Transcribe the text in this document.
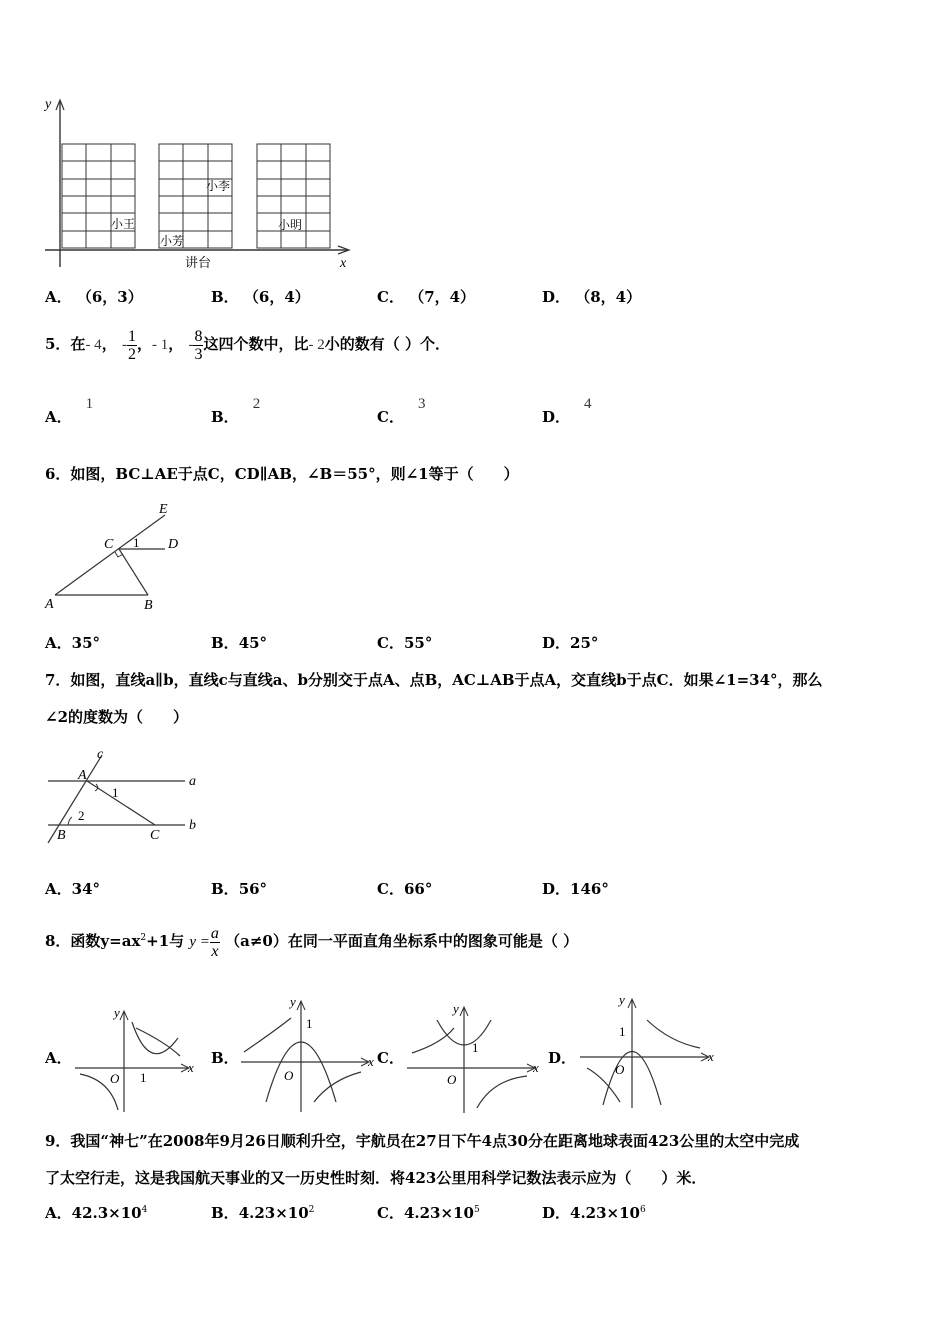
y
x
小李
小王
小芳
小明
讲台
A． （6，3）	B． （6，4）	C． （7，4）	D． （8，4）
5．在- 4， - $\frac{1}{2}$ ，- 1， - $\frac{8}{3}$ 这四个数中，比- 2小的数有（ ）个．
A．$^1$
B．$^2$
C．$^3$
D．$^4$
6．如图，BC⊥AE于点C，CD∥AB，∠B＝55°，则∠1等于（　　）
E
C 1 D
A	B
A．35°	B．45°	C．55°	D．25°
7．如图，直线a∥b，直线c与直线a、b分别交于点A、点B，AC⊥AB于点A，交直线b于点C．如果∠1=34°，那么
∠2的度数为（　　）
c
A	a
1
2
B	C
b
A．34°	B．56°	C．66°	D．146°
8．函数$y=ax^2+1$与 $y = \frac{a}{x} (a\ne 0)$在同一平面直角坐标系中的图象可能是（ ）
A．
y
x
O 1
B．
y
x
O
1
C．
y
x
O
1
D．
y
x
O
1
9．我国“神七”在2008年9月26日顺利升空，宇航员在27日下午4点30分在距离地球表面423公里的太空中完成
了太空行走，这是我国航天事业的又一历史性时刻．将423公里用科学记数法表示应为（　　）米．
A．$42.3\times 10^4$	B．$4.23\times 10^2$	C．$4.23\times 10^5$	D．$4.23\times 10^6$
